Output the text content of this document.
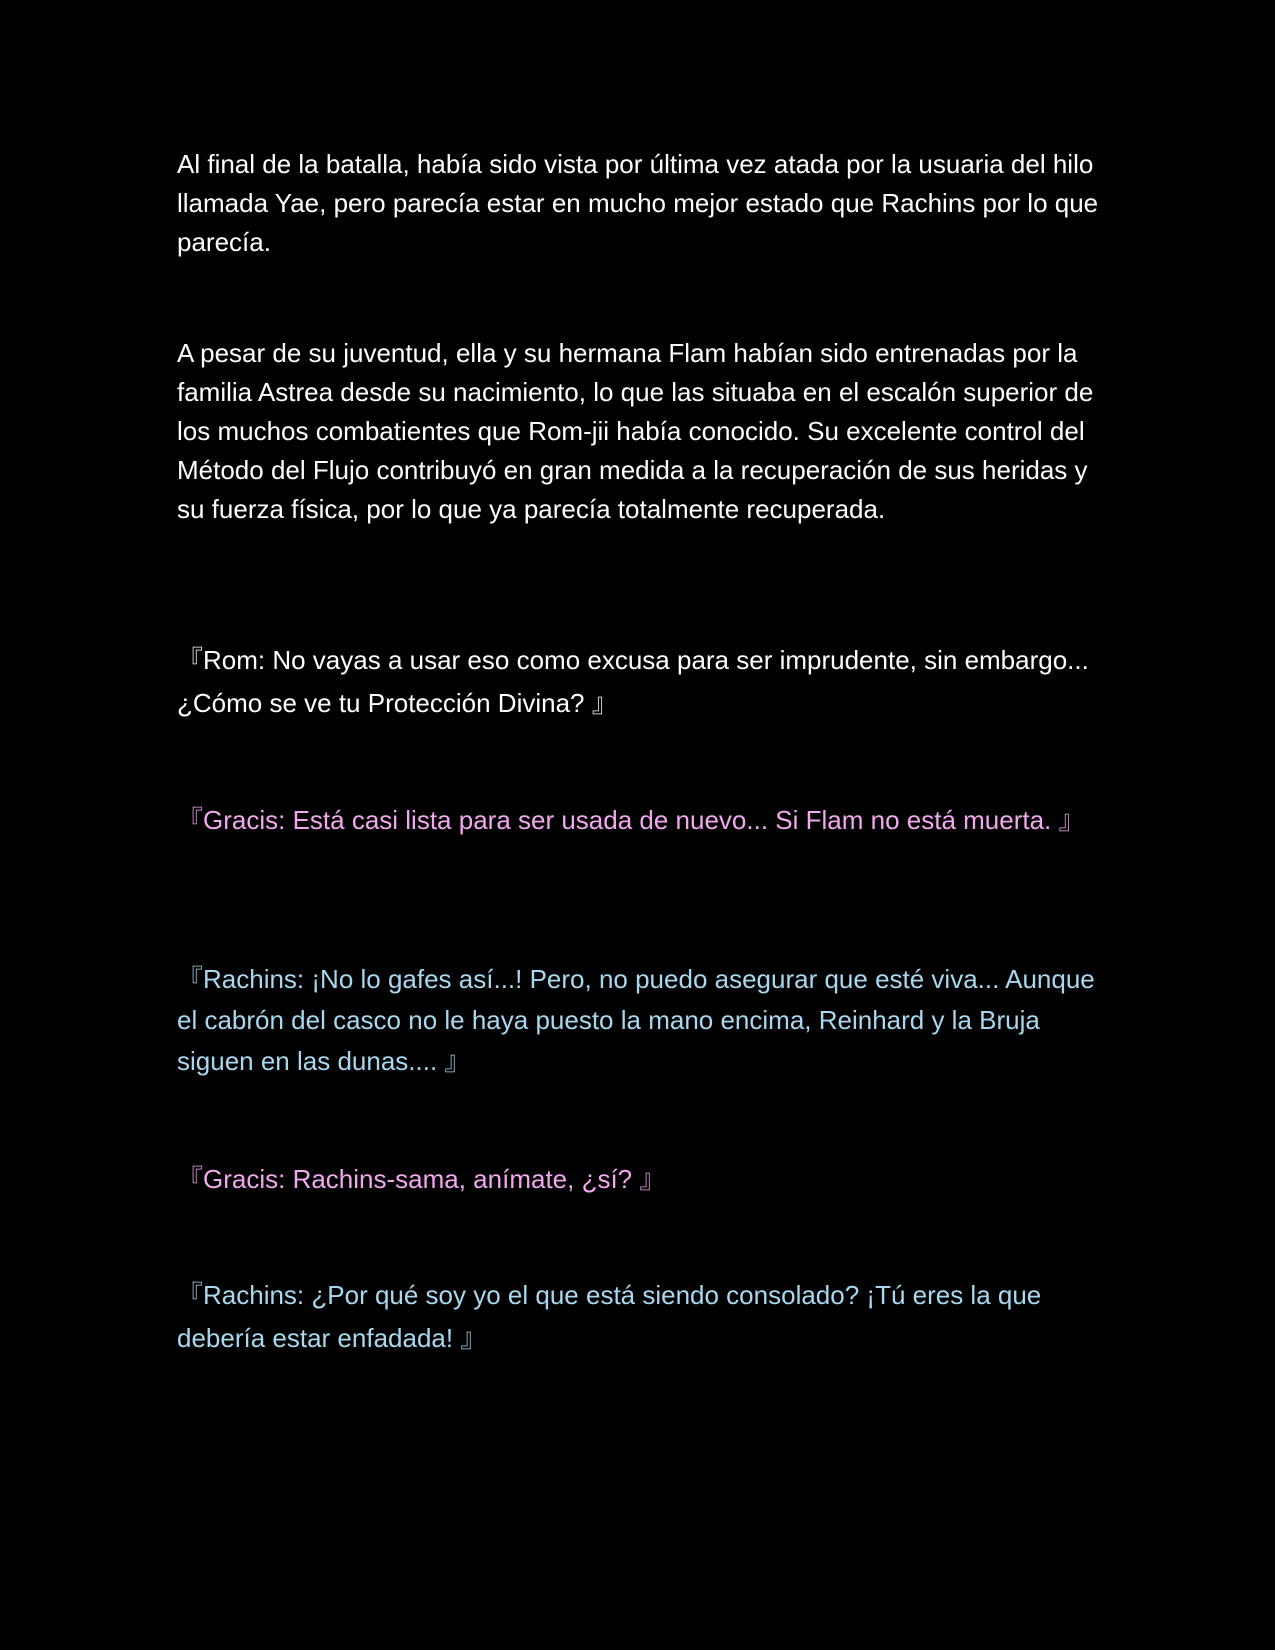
Al final de la batalla, había sido vista por última vez atada por la usuaria del hilo llamada Yae, pero parecía estar en mucho mejor estado que Rachins por lo que parecía.

A pesar de su juventud, ella y su hermana Flam habían sido entrenadas por la familia Astrea desde su nacimiento, lo que las situaba en el escalón superior de los muchos combatientes que Rom-jii había conocido. Su excelente control del Método del Flujo contribuyó en gran medida a la recuperación de sus heridas y su fuerza física, por lo que ya parecía totalmente recuperada.

『Rom: No vayas a usar eso como excusa para ser imprudente, sin embargo... ¿Cómo se ve tu Protección Divina? 』

『Gracis: Está casi lista para ser usada de nuevo... Si Flam no está muerta. 』

『Rachins: ¡No lo gafes así...! Pero, no puedo asegurar que esté viva... Aunque el cabrón del casco no le haya puesto la mano encima, Reinhard y la Bruja siguen en las dunas.... 』

『Gracis: Rachins-sama, anímate, ¿sí? 』

『Rachins: ¿Por qué soy yo el que está siendo consolado? ¡Tú eres la que debería estar enfadada! 』
